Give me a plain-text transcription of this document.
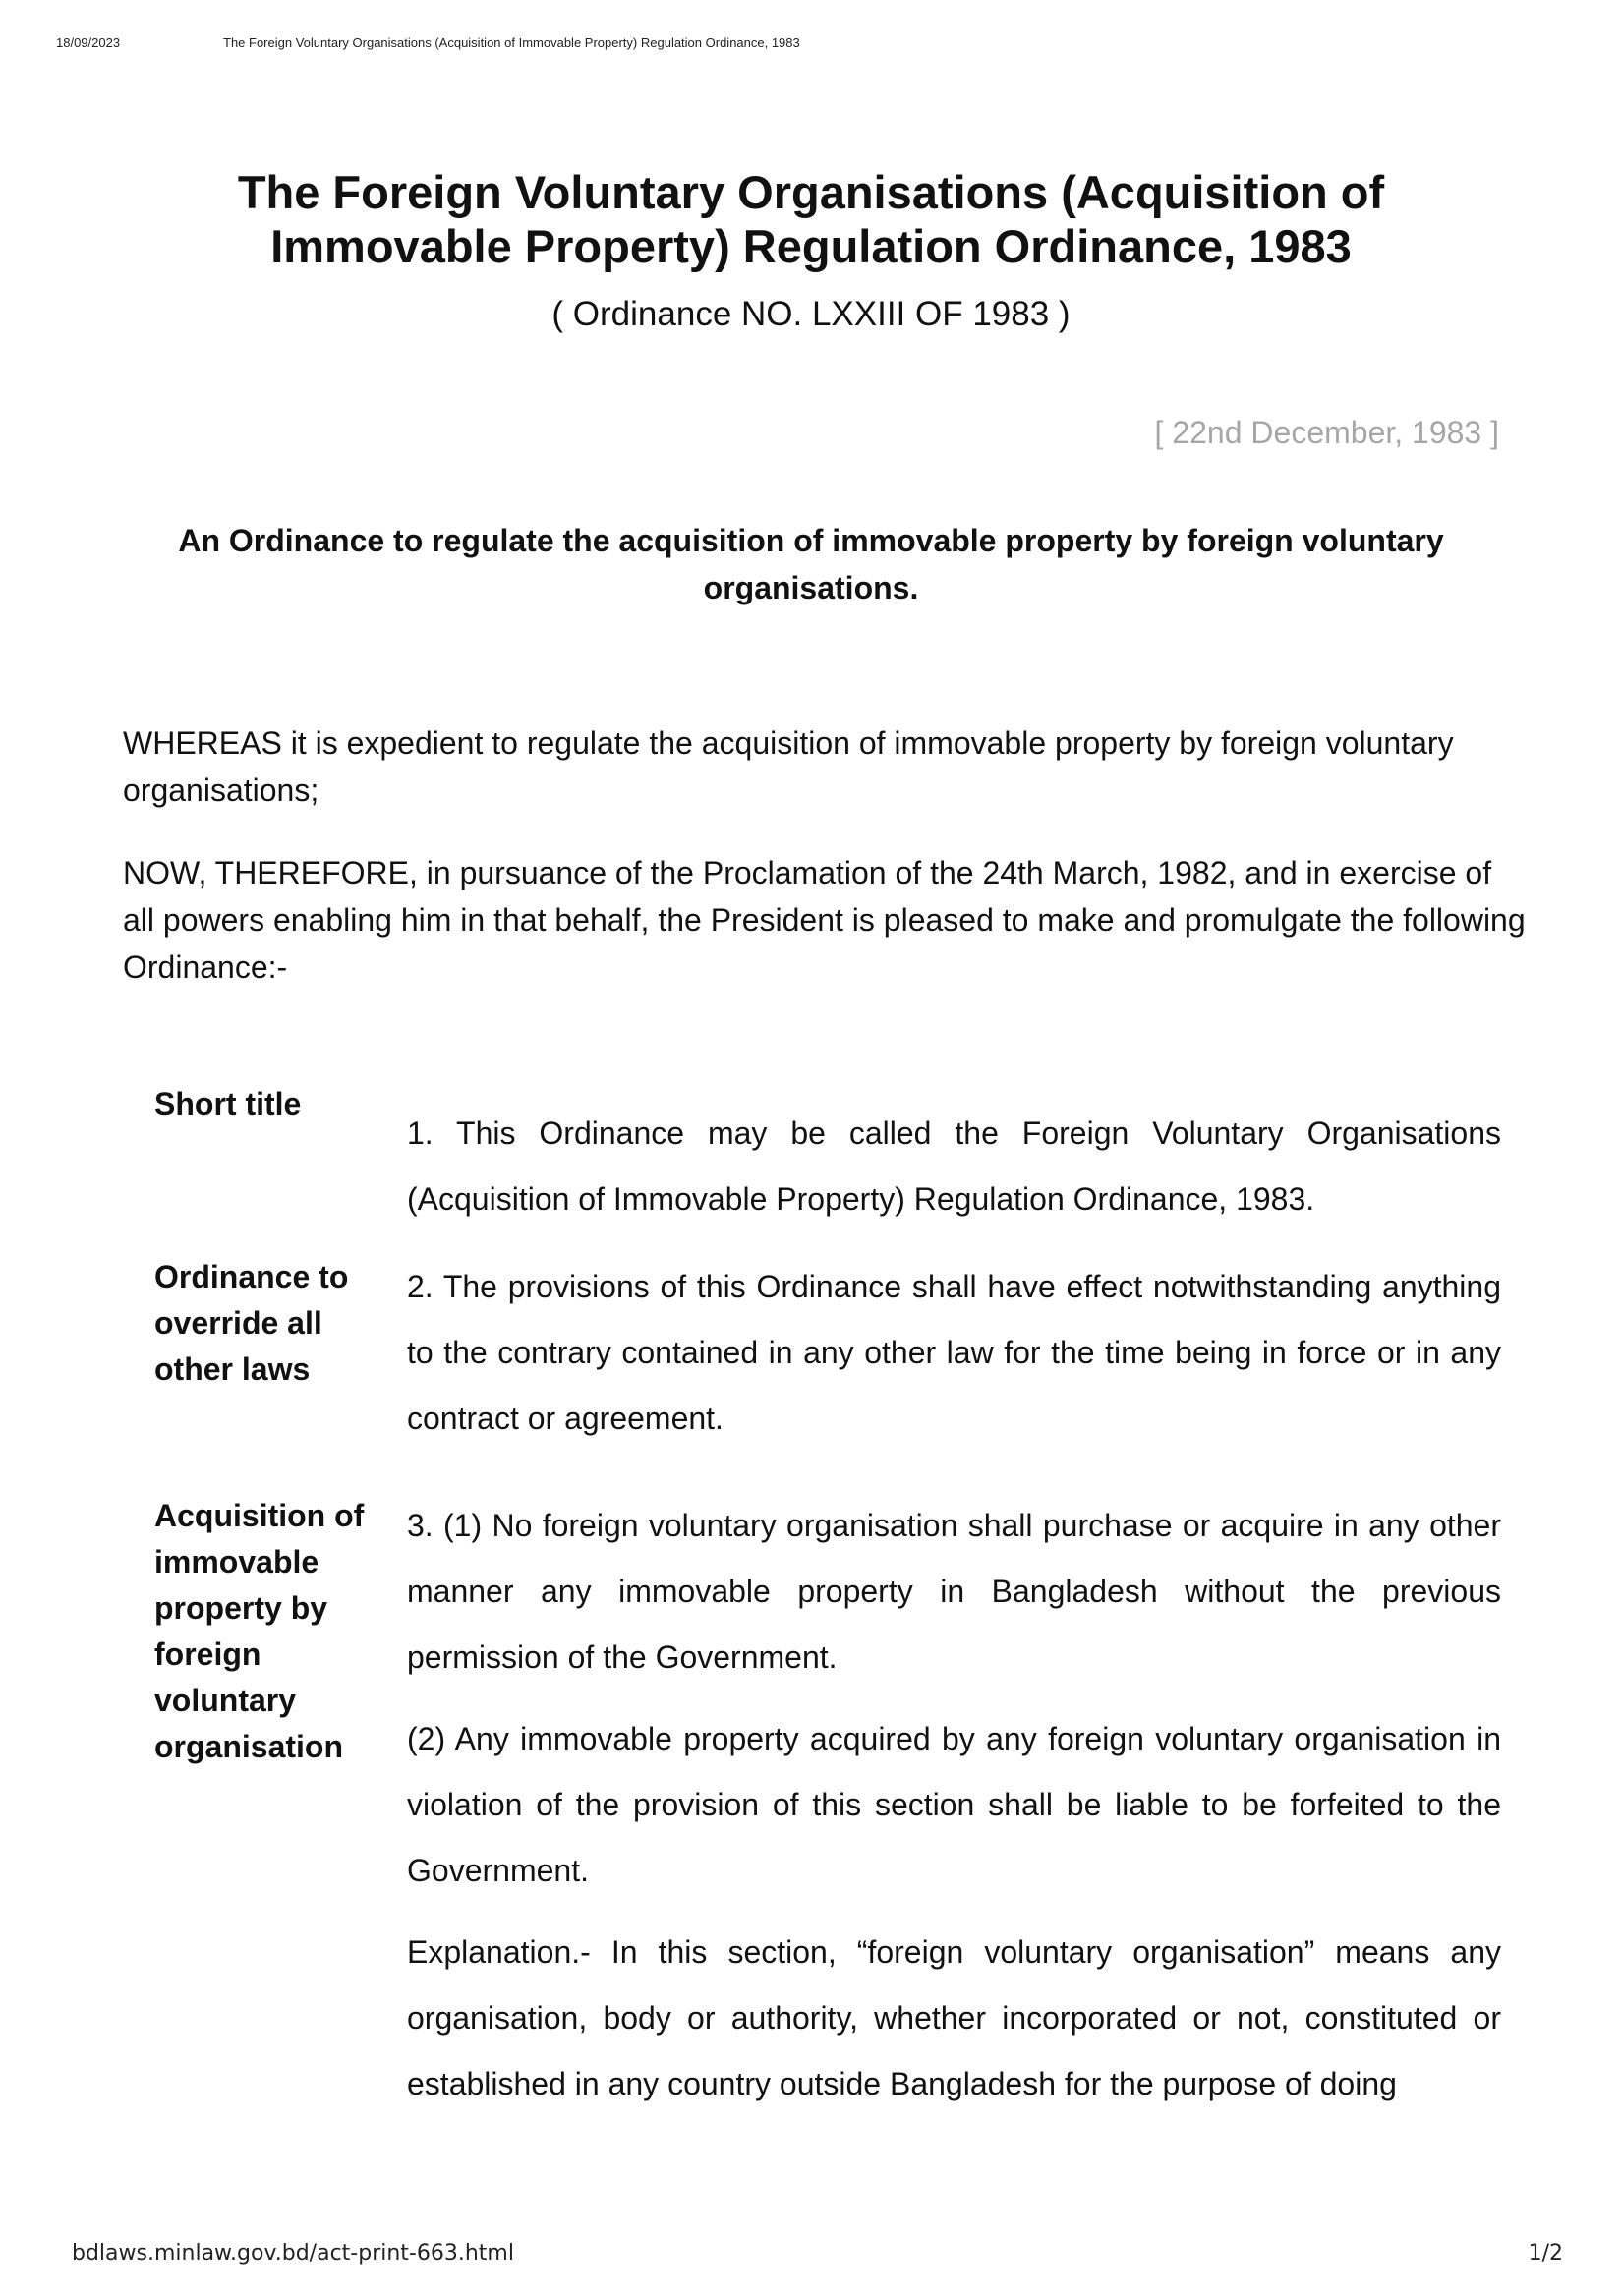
18/09/2023	The Foreign Voluntary Organisations (Acquisition of Immovable Property) Regulation Ordinance, 1983
The Foreign Voluntary Organisations (Acquisition of Immovable Property) Regulation Ordinance, 1983
( Ordinance NO. LXXIII OF 1983 )
[ 22nd December, 1983 ]
An Ordinance to regulate the acquisition of immovable property by foreign voluntary organisations.

WHEREAS it is expedient to regulate the acquisition of immovable property by foreign voluntary organisations;

NOW, THEREFORE, in pursuance of the Proclamation of the 24th March, 1982, and in exercise of all powers enabling him in that behalf, the President is pleased to make and promulgate the following Ordinance:-

Short title

1. This Ordinance may be called the Foreign Voluntary Organisations (Acquisition of Immovable Property) Regulation Ordinance, 1983.

Ordinance to override all other laws

2. The provisions of this Ordinance shall have effect notwithstanding anything to the contrary contained in any other law for the time being in force or in any contract or agreement.

Acquisition of immovable property by foreign voluntary organisation

3. (1) No foreign voluntary organisation shall purchase or acquire in any other manner any immovable property in Bangladesh without the previous permission of the Government.

(2) Any immovable property acquired by any foreign voluntary organisation in violation of the provision of this section shall be liable to be forfeited to the Government.

Explanation.- In this section, “foreign voluntary organisation” means any organisation, body or authority, whether incorporated or not, constituted or established in any country outside Bangladesh for the purpose of doing

bdlaws.minlaw.gov.bd/act-print-663.html	1/2
